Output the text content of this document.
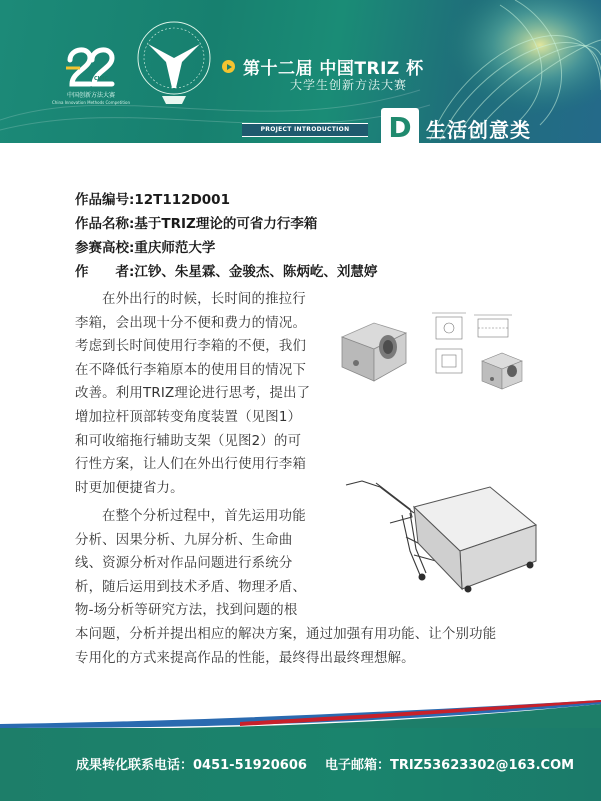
CIMC
中国创新方法大赛
China Innovation Methods Competition
第十二届 中国TRIZ 杯
大学生创新方法大赛
PROJECT INTRODUCTION	D 生活创意类
作品编号:12T112D001
作品名称:基于TRIZ理论的可省力行李箱
参赛高校:重庆师范大学
作　　者:江钞、朱星霖、金骏杰、陈炳屹、刘慧婷

在外出行的时候，长时间的推拉行

李箱，会出现十分不便和费力的情况。

考虑到长时间使用行李箱的不便，我们

在不降低行李箱原本的使用目的情况下

改善。利用TRIZ理论进行思考，提出了

增加拉杆顶部转变角度装置（见图1）

和可收缩拖行辅助支架（见图2）的可

行性方案，让人们在外出行使用行李箱

时更加便捷省力。

在整个分析过程中，首先运用功能

分析、因果分析、九屏分析、生命曲

线、资源分析对作品问题进行系统分

析，随后运用到技术矛盾、物理矛盾、

物-场分析等研究方法，找到问题的根

本问题，分析并提出相应的解决方案，通过加强有用功能、让个别功能

专用化的方式来提高作品的性能，最终得出最终理想解。

成果转化联系电话：0451-51920606 电子邮箱：TRIZ53623302@163.COM
